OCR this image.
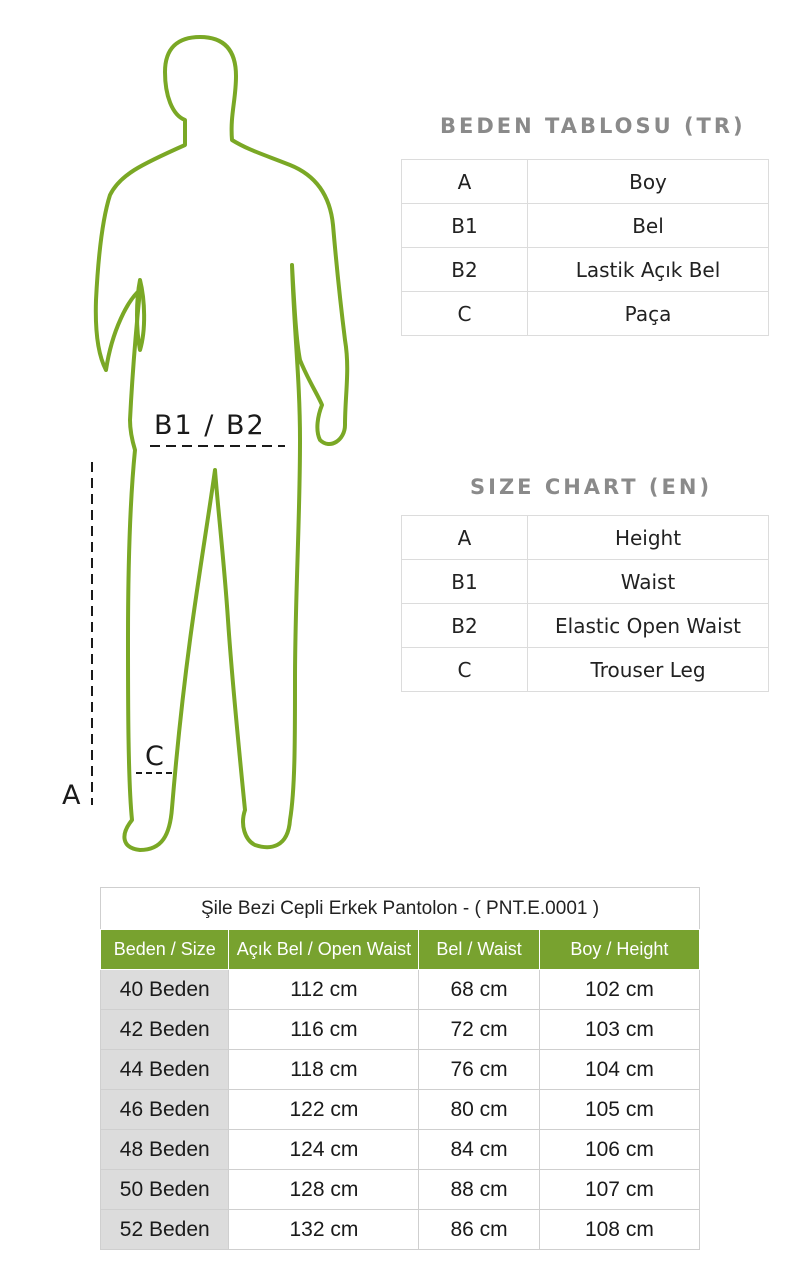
B1 / B2
C
A
BEDEN TABLOSU (TR)
A	Boy
B1	Bel
B2	Lastik Açık Bel
C	Paça
SIZE CHART (EN)
A	Height
B1	Waist
B2	Elastic Open Waist
C	Trouser Leg
Şile Bezi Cepli Erkek Pantolon - ( PNT.E.0001 )
Beden / Size	Açık Bel / Open Waist	Bel / Waist	Boy / Height
40 Beden	112 cm	68 cm	102 cm
42 Beden	116 cm	72 cm	103 cm
44 Beden	118 cm	76 cm	104 cm
46 Beden	122 cm	80 cm	105 cm
48 Beden	124 cm	84 cm	106 cm
50 Beden	128 cm	88 cm	107 cm
52 Beden	132 cm	86 cm	108 cm
